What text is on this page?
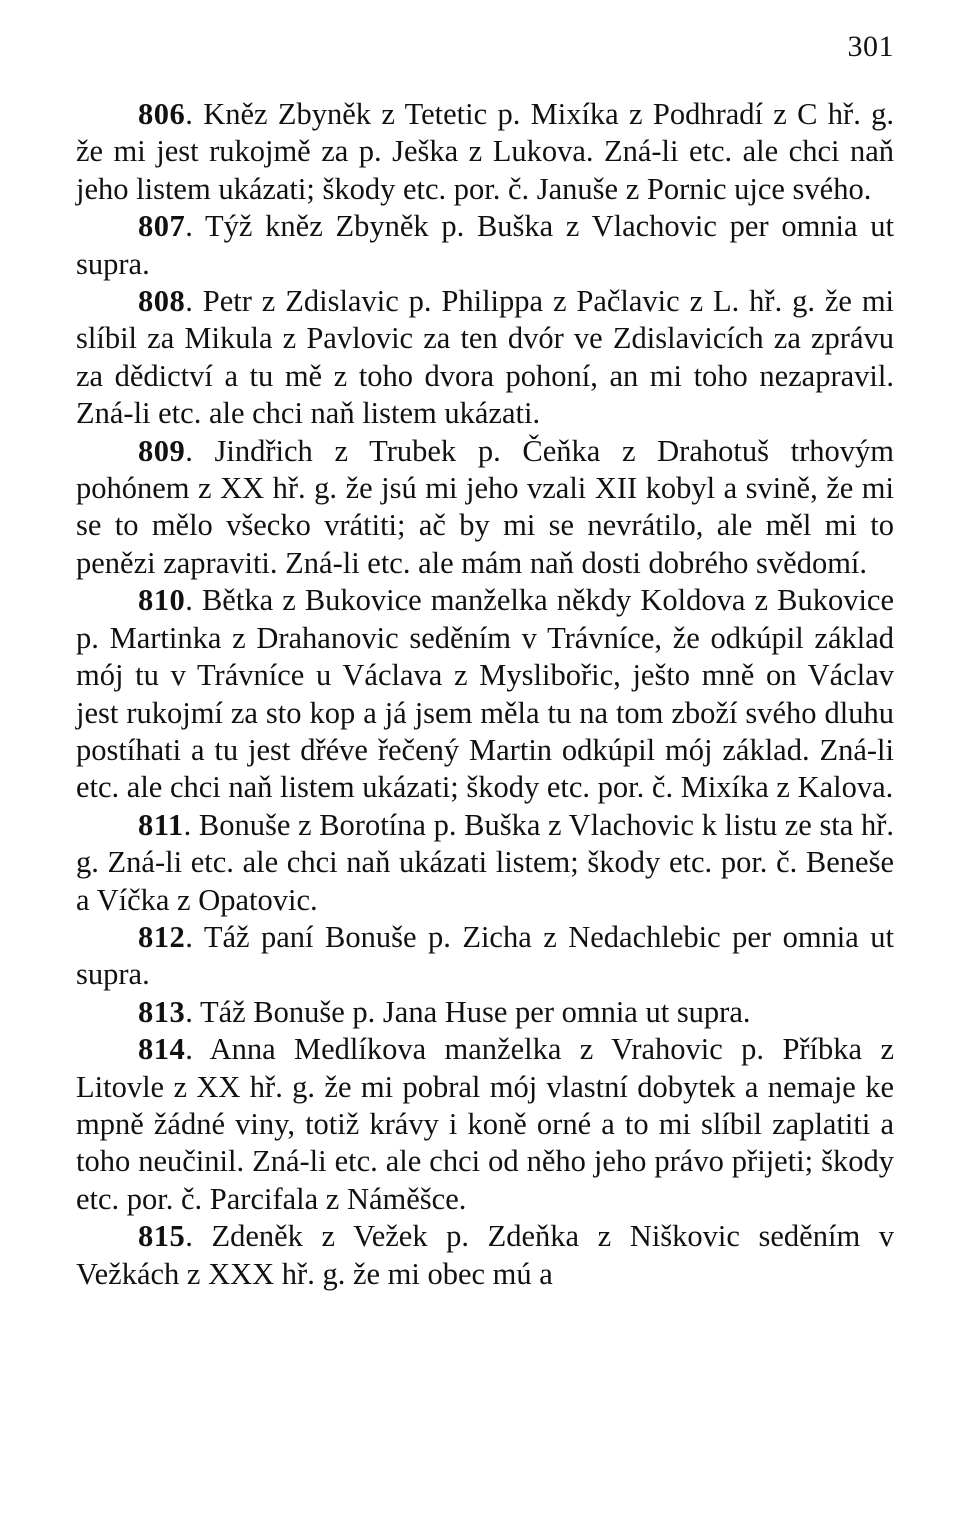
301

806. Kněz Zbyněk z Tetetic p. Mixíka z Podhradí z C hř. g. že mi jest rukojmě za p. Ješka z Lukova. Zná-li etc. ale chci naň jeho listem ukázati; škody etc. por. č. Januše z Pornic ujce svého.

807. Týž kněz Zbyněk p. Buška z Vlachovic per omnia ut supra.

808. Petr z Zdislavic p. Philippa z Pačlavic z L. hř. g. že mi slíbil za Mikula z Pavlovic za ten dvór ve Zdislavicích za zprávu za dědictví a tu mě z toho dvora pohoní, an mi toho nezapravil. Zná-li etc. ale chci naň listem ukázati.

809. Jindřich z Trubek p. Čeňka z Drahotuš trhovým pohónem z XX hř. g. že jsú mi jeho vzali XII kobyl a svině, že mi se to mělo všecko vrátiti; ač by mi se nevrátilo, ale měl mi to penězi zapraviti. Zná-li etc. ale mám naň dosti dobrého svědomí.

810. Bětka z Bukovice manželka někdy Koldova z Bukovice p. Martinka z Drahanovic seděním v Trávníce, že odkúpil základ mój tu v Trávníce u Václava z Myslibořic, ješto mně on Václav jest rukojmí za sto kop a já jsem měla tu na tom zboží svého dluhu postíhati a tu jest dřéve řečený Martin odkúpil mój základ. Zná-li etc. ale chci naň listem ukázati; škody etc. por. č. Mixíka z Kalova.

811. Bonuše z Borotína p. Buška z Vlachovic k listu ze sta hř. g. Zná-li etc. ale chci naň ukázati listem; škody etc. por. č. Beneše a Víčka z Opatovic.

812. Táž paní Bonuše p. Zicha z Nedachlebic per omnia ut supra.

813. Táž Bonuše p. Jana Huse per omnia ut supra.

814. Anna Medlíkova manželka z Vrahovic p. Příbka z Litovle z XX hř. g. že mi pobral mój vlastní dobytek a nemaje ke mpně žádné viny, totiž krávy i koně orné a to mi slíbil zaplatiti a toho neučinil. Zná-li etc. ale chci od něho jeho právo přijeti; škody etc. por. č. Parcifala z Náměšce.

815. Zdeněk z Vežek p. Zdeňka z Niškovic seděním v Vežkách z XXX hř. g. že mi obec mú a
